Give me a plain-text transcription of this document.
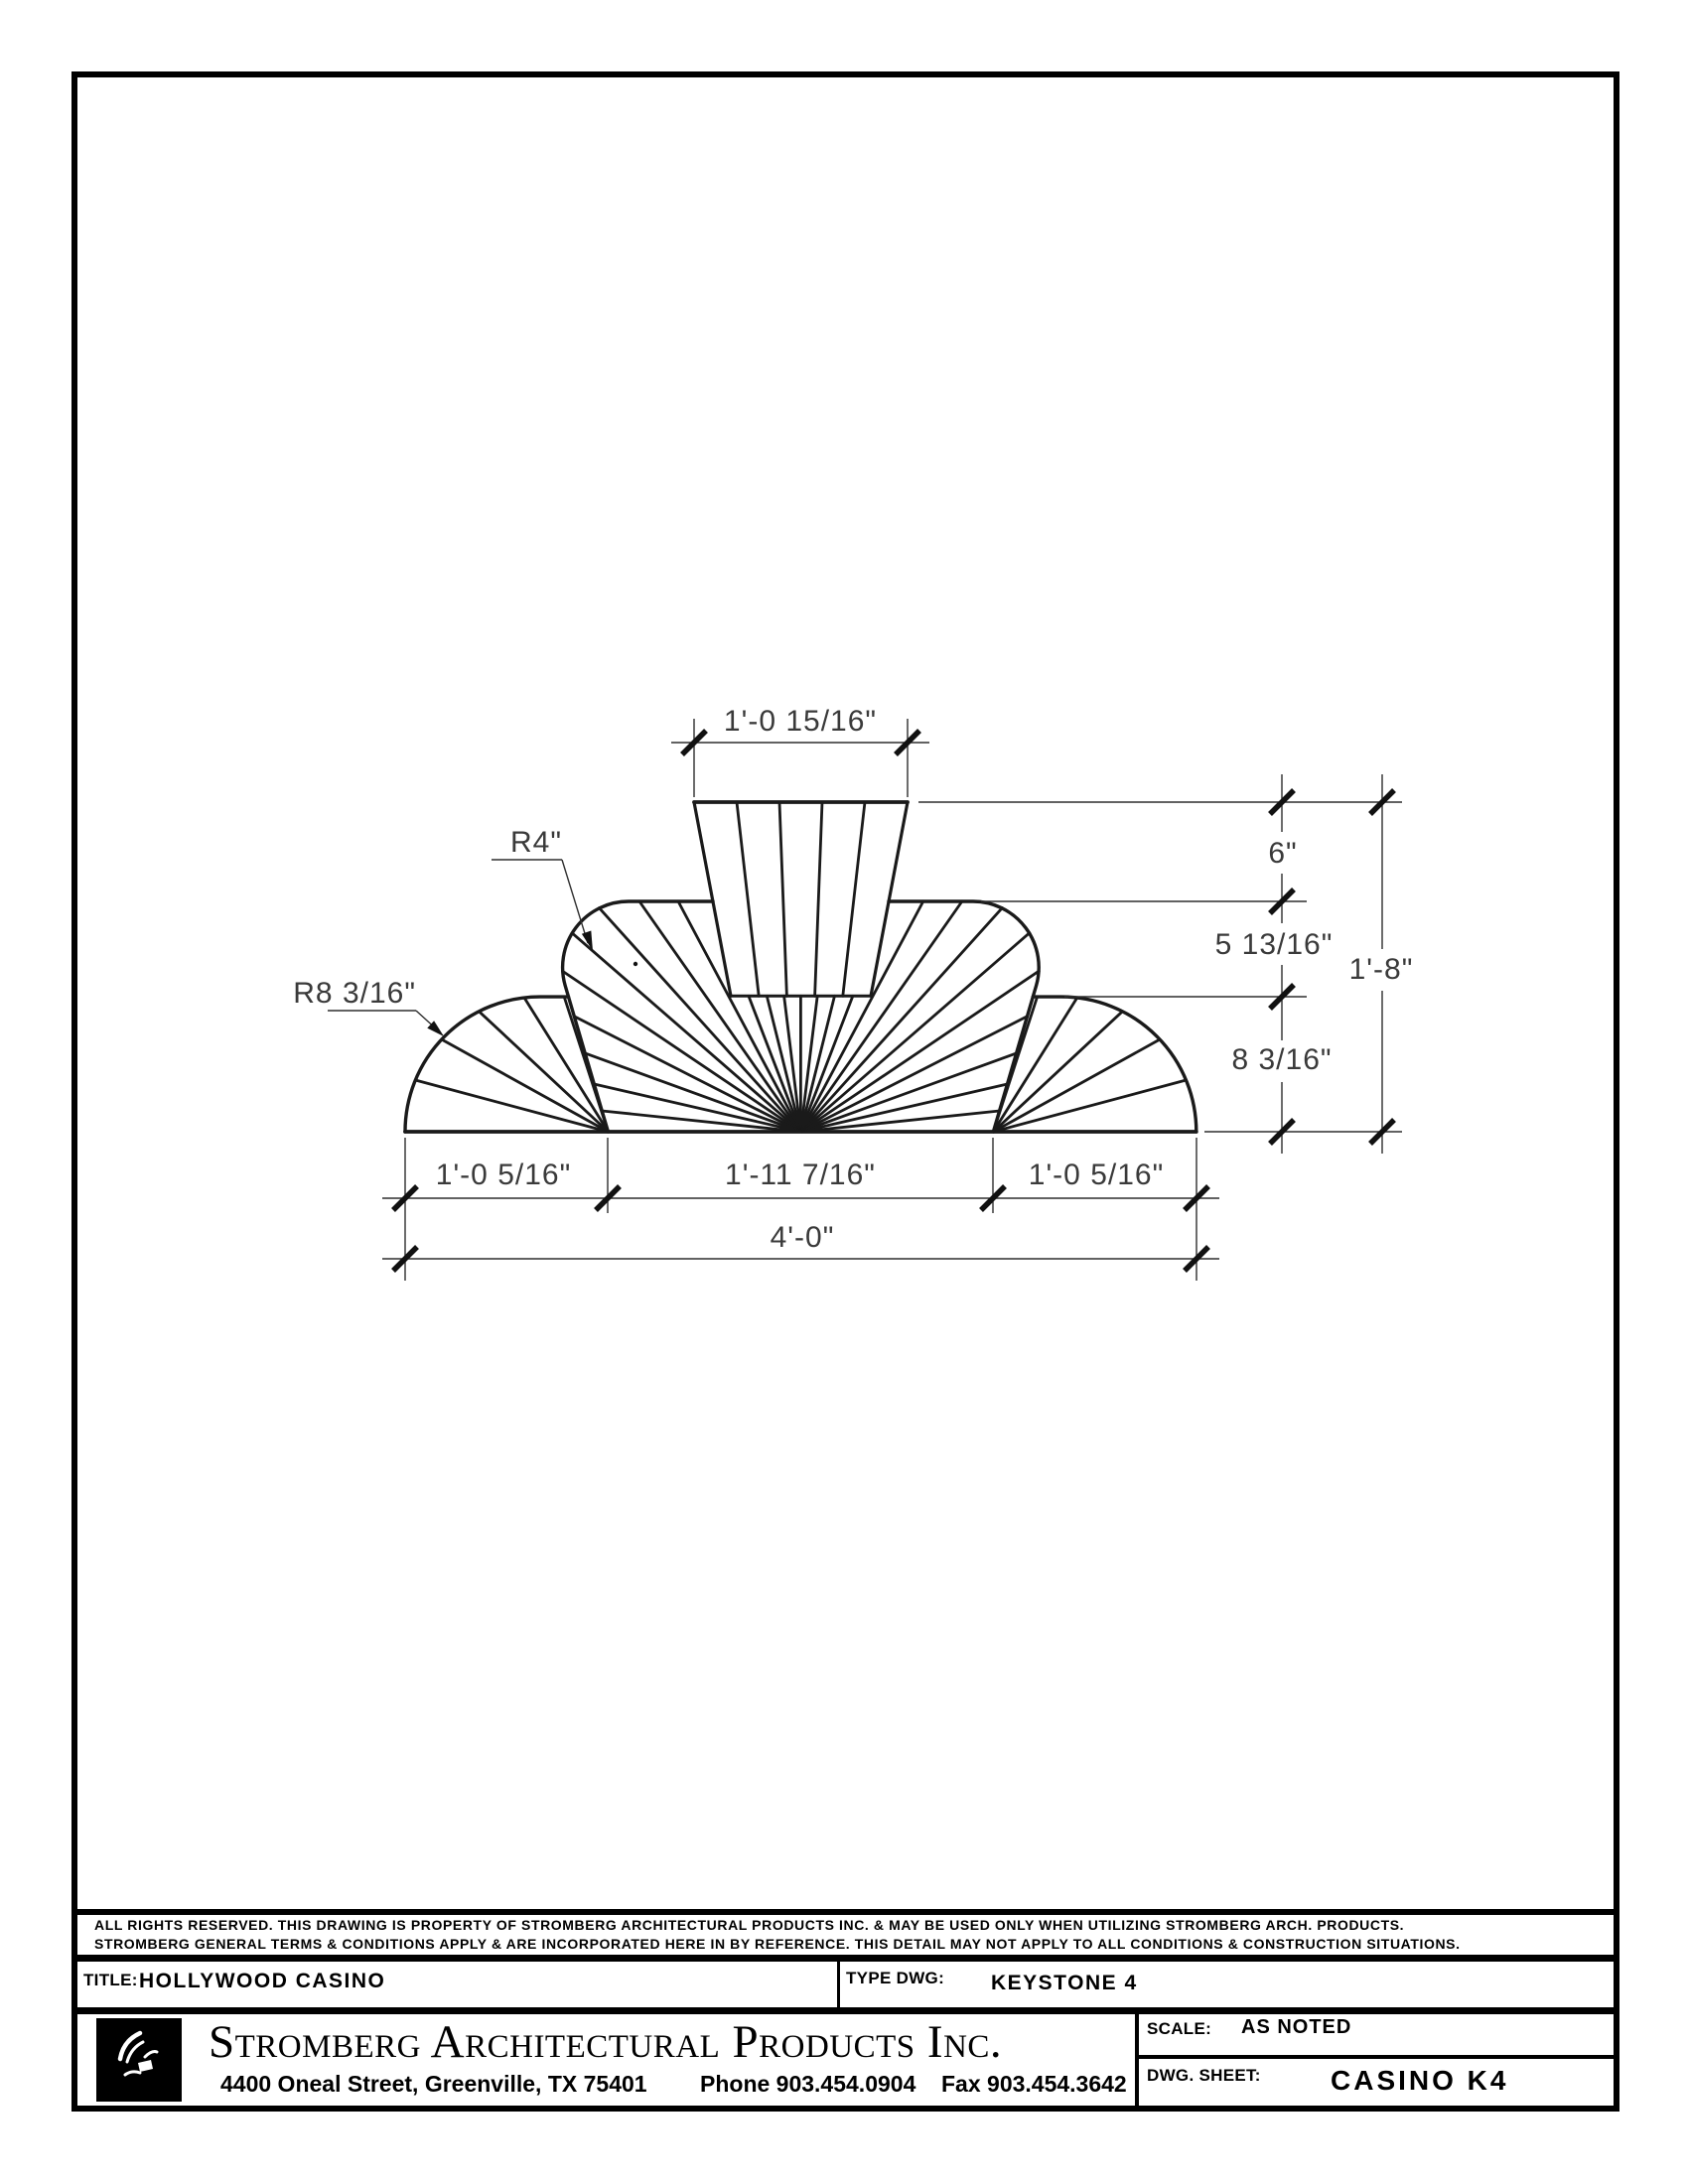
1'-0 15/16"
6"
5 13/16"
1'-8"
8 3/16"
1'-0 5/16"	1'-11 7/16"	1'-0 5/16"
4'-0"
R4"
R8 3/16"
ALL RIGHTS RESERVED. THIS DRAWING IS PROPERTY OF STROMBERG ARCHITECTURAL PRODUCTS INC. & MAY BE USED ONLY WHEN UTILIZING STROMBERG ARCH. PRODUCTS.
STROMBERG GENERAL TERMS & CONDITIONS APPLY & ARE INCORPORATED HERE IN BY REFERENCE. THIS DETAIL MAY NOT APPLY TO ALL CONDITIONS & CONSTRUCTION SITUATIONS.
TITLE: HOLLYWOOD CASINO	TYPE DWG: KEYSTONE 4
Stromberg Architectural Products Inc.
4400 Oneal Street, Greenville, TX 75401 Phone 903.454.0904 Fax 903.454.3642
SCALE: AS NOTED
DWG. SHEET:	CASINO K4
